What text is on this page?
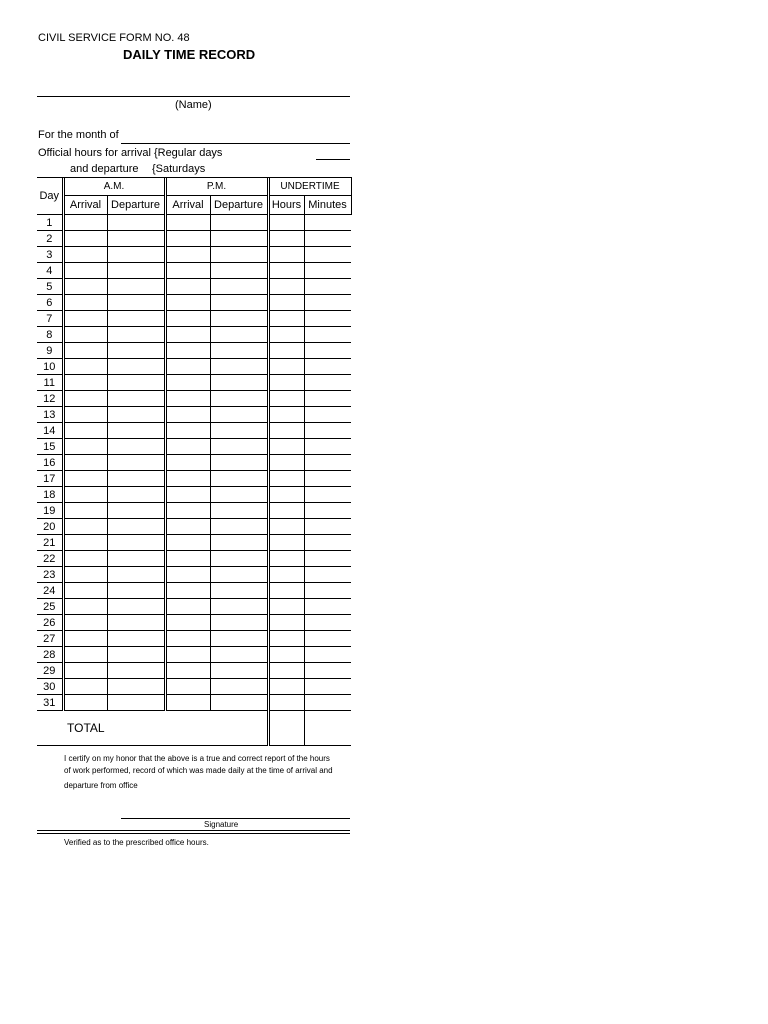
CIVIL SERVICE FORM NO. 48
DAILY TIME RECORD
(Name)
For the month of
Official hours for arrival {Regular days
and departure {Saturdays
Day	A.M.		P.M.		UNDERTIME	
	Arrival	Departure	Arrival	Departure	Hours	Minutes
1						
2						
3						
4						
5						
6						
7						
8						
9						
10						
11						
12						
13						
14						
15						
16						
17						
18						
19						
20						
21						
22						
23						
24						
25						
26						
27						
28						
29						
30						
31						
TOTAL						
I certify on my honor that the above is a true and correct report of the hours
of work performed, record of which was made daily at the time of arrival and
departure from office
Signature
Verified as to the prescribed office hours.
